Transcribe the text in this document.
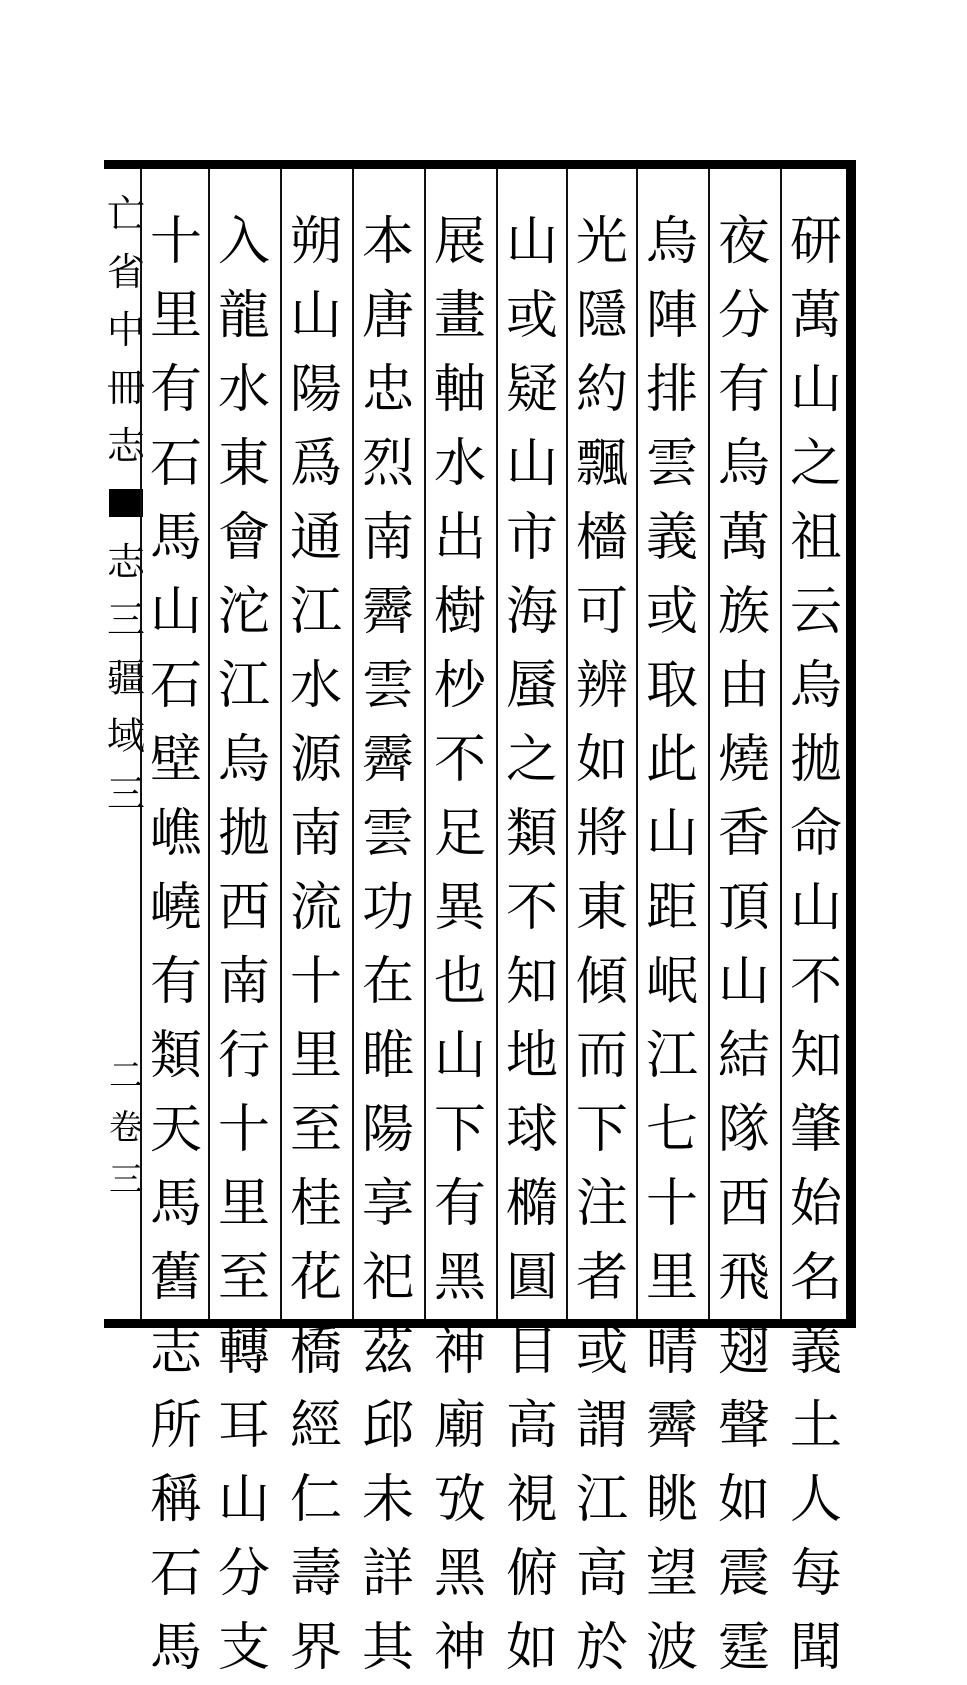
亡
省
中
冊
志
志
三
疆
域
三
二
卷
三
研
萬
山
之
祖
云
烏
拋
命
山
不
知
肇
始
名
義
土
人
每
聞
夜
分
有
烏
萬
族
由
燒
香
頂
山
結
隊
西
飛
翅
聲
如
震
霆
烏
陣
排
雲
義
或
取
此
山
距
岷
江
七
十
里
晴
霽
眺
望
波
光
隱
約
飄
檣
可
辨
如
將
東
傾
而
下
注
者
或
謂
江
高
於
山
或
疑
山
市
海
蜃
之
類
不
知
地
球
橢
圓
目
高
視
俯
如
展
畫
軸
水
出
樹
杪
不
足
異
也
山
下
有
黑
神
廟
攷
黑
神
本
唐
忠
烈
南
霽
雲
霽
雲
功
在
睢
陽
享
祀
茲
邱
未
詳
其
朔
山
陽
爲
通
江
水
源
南
流
十
里
至
桂
花
橋
經
仁
壽
界
入
龍
水
東
會
沱
江
烏
拋
西
南
行
十
里
至
轉
耳
山
分
支
十
里
有
石
馬
山
石
壁
嶕
嶢
有
類
天
馬
舊
志
所
稱
石
馬
